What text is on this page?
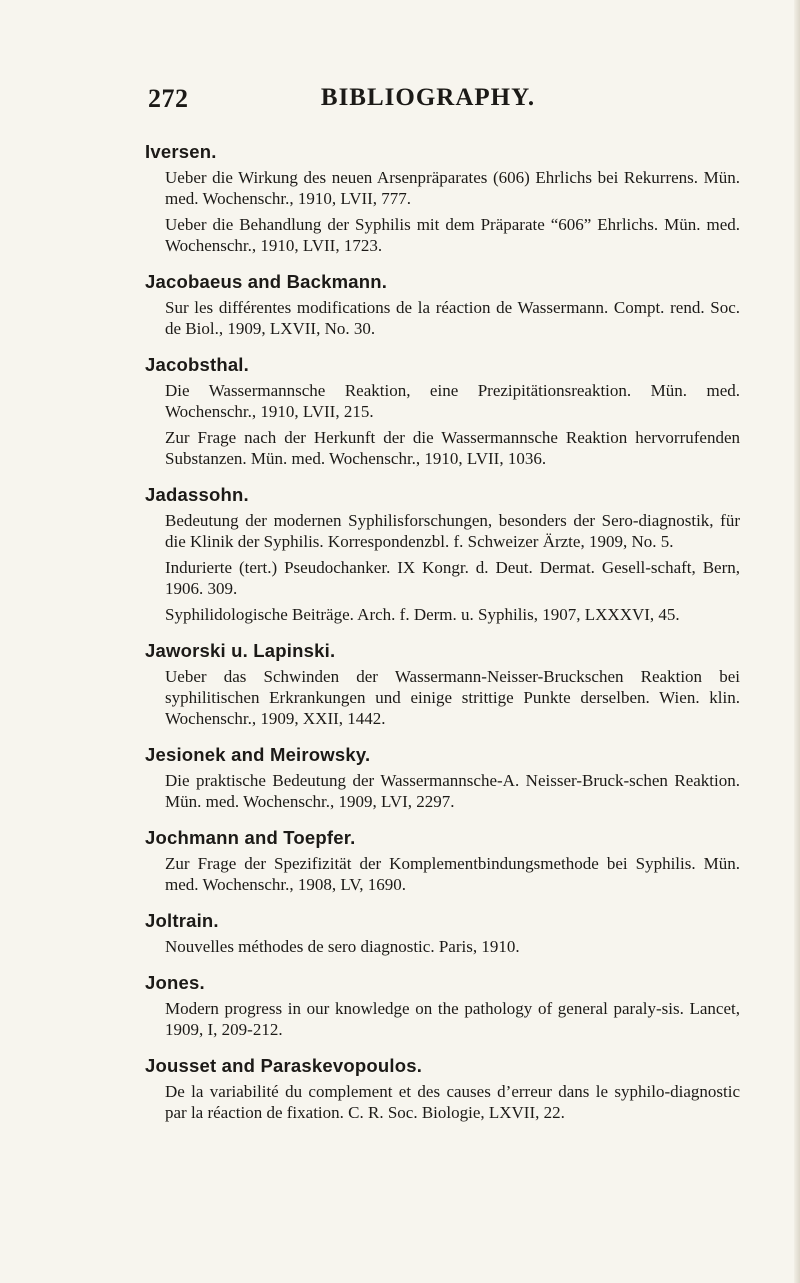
272	BIBLIOGRAPHY.
Iversen.
Ueber die Wirkung des neuen Arsenpräparates (606) Ehrlichs bei Rekurrens. Mün. med. Wochenschr., 1910, LVII, 777.
Ueber die Behandlung der Syphilis mit dem Präparate “606” Ehrlichs. Mün. med. Wochenschr., 1910, LVII, 1723.
Jacobaeus and Backmann.
Sur les différentes modifications de la réaction de Wassermann. Compt. rend. Soc. de Biol., 1909, LXVII, No. 30.
Jacobsthal.
Die Wassermannsche Reaktion, eine Prezipitätionsreaktion. Mün. med. Wochenschr., 1910, LVII, 215.
Zur Frage nach der Herkunft der die Wassermannsche Reaktion hervorrufenden Substanzen. Mün. med. Wochenschr., 1910, LVII, 1036.
Jadassohn.
Bedeutung der modernen Syphilisforschungen, besonders der Sero-diagnostik, für die Klinik der Syphilis. Korrespondenzbl. f. Schweizer Ärzte, 1909, No. 5.
Indurierte (tert.) Pseudochanker. IX Kongr. d. Deut. Dermat. Gesell-schaft, Bern, 1906. 309.
Syphilidologische Beiträge. Arch. f. Derm. u. Syphilis, 1907, LXXXVI, 45.
Jaworski u. Lapinski.
Ueber das Schwinden der Wassermann-Neisser-Bruckschen Reaktion bei syphilitischen Erkrankungen und einige strittige Punkte derselben. Wien. klin. Wochenschr., 1909, XXII, 1442.
Jesionek and Meirowsky.
Die praktische Bedeutung der Wassermannsche-A. Neisser-Bruck-schen Reaktion. Mün. med. Wochenschr., 1909, LVI, 2297.
Jochmann and Toepfer.
Zur Frage der Spezifizität der Komplementbindungsmethode bei Syphilis. Mün. med. Wochenschr., 1908, LV, 1690.
Joltrain.
Nouvelles méthodes de sero diagnostic. Paris, 1910.
Jones.
Modern progress in our knowledge on the pathology of general paraly-sis. Lancet, 1909, I, 209-212.
Jousset and Paraskevopoulos.
De la variabilité du complement et des causes d’erreur dans le syphilo-diagnostic par la réaction de fixation. C. R. Soc. Biologie, LXVII, 22.
